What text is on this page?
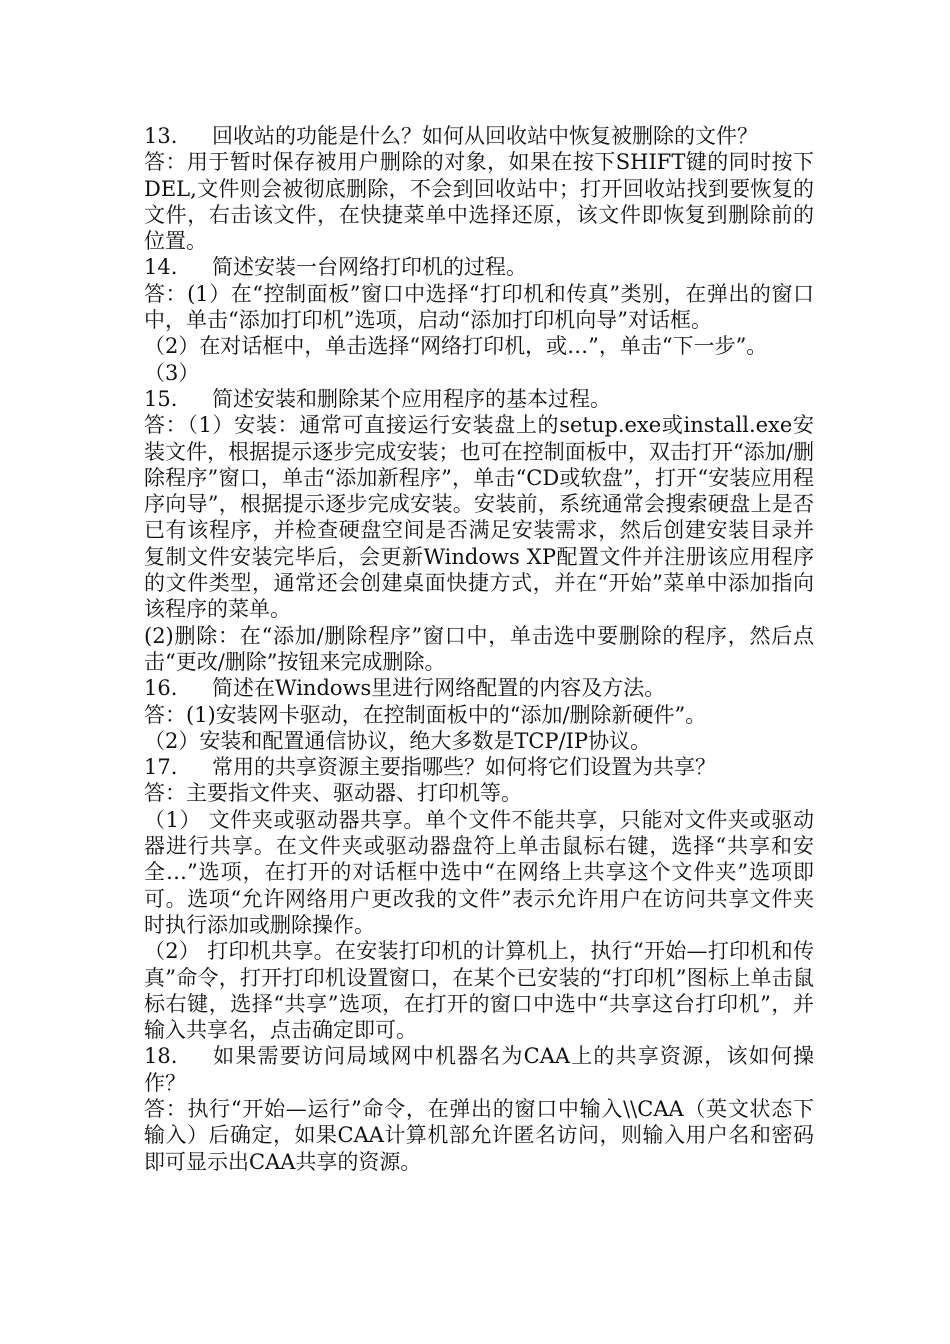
13. 回收站的功能是什么？如何从回收站中恢复被删除的文件？
答：用于暂时保存被用户删除的对象，如果在按下SHIFT键的同时按下DEL,文件则会被彻底删除，不会到回收站中；打开回收站找到要恢复的文件，右击该文件，在快捷菜单中选择还原，该文件即恢复到删除前的位置。
14. 简述安装一台网络打印机的过程。
答：(1）在“控制面板”窗口中选择“打印机和传真”类别，在弹出的窗口中，单击“添加打印机”选项，启动“添加打印机向导”对话框。
（2）在对话框中，单击选择“网络打印机，或…”，单击“下一步”。
（3）
15. 简述安装和删除某个应用程序的基本过程。
答：（1）安装：通常可直接运行安装盘上的setup.exe或install.exe安装文件，根据提示逐步完成安装；也可在控制面板中，双击打开“添加/删除程序”窗口，单击“添加新程序”，单击“CD或软盘”，打开“安装应用程序向导”，根据提示逐步完成安装。安装前，系统通常会搜索硬盘上是否已有该程序，并检查硬盘空间是否满足安装需求，然后创建安装目录并复制文件安装完毕后，会更新Windows XP配置文件并注册该应用程序的文件类型，通常还会创建桌面快捷方式，并在“开始”菜单中添加指向该程序的菜单。
(2)删除：在“添加/删除程序”窗口中，单击选中要删除的程序，然后点击“更改/删除”按钮来完成删除。
16. 简述在Windows里进行网络配置的内容及方法。
答：(1)安装网卡驱动，在控制面板中的“添加/删除新硬件”。
（2）安装和配置通信协议，绝大多数是TCP/IP协议。
17. 常用的共享资源主要指哪些？如何将它们设置为共享？
答：主要指文件夹、驱动器、打印机等。
（1） 文件夹或驱动器共享。单个文件不能共享，只能对文件夹或驱动器进行共享。在文件夹或驱动器盘符上单击鼠标右键，选择“共享和安全…”选项，在打开的对话框中选中“在网络上共享这个文件夹”选项即可。选项“允许网络用户更改我的文件”表示允许用户在访问共享文件夹时执行添加或删除操作。
（2） 打印机共享。在安装打印机的计算机上，执行“开始—打印机和传真”命令，打开打印机设置窗口，在某个已安装的“打印机”图标上单击鼠标右键，选择“共享”选项，在打开的窗口中选中“共享这台打印机”，并输入共享名，点击确定即可。
18. 如果需要访问局域网中机器名为CAA上的共享资源，该如何操作？
答：执行“开始—运行”命令，在弹出的窗口中输入\\CAA（英文状态下输入）后确定，如果CAA计算机部允许匿名访问，则输入用户名和密码即可显示出CAA共享的资源。
